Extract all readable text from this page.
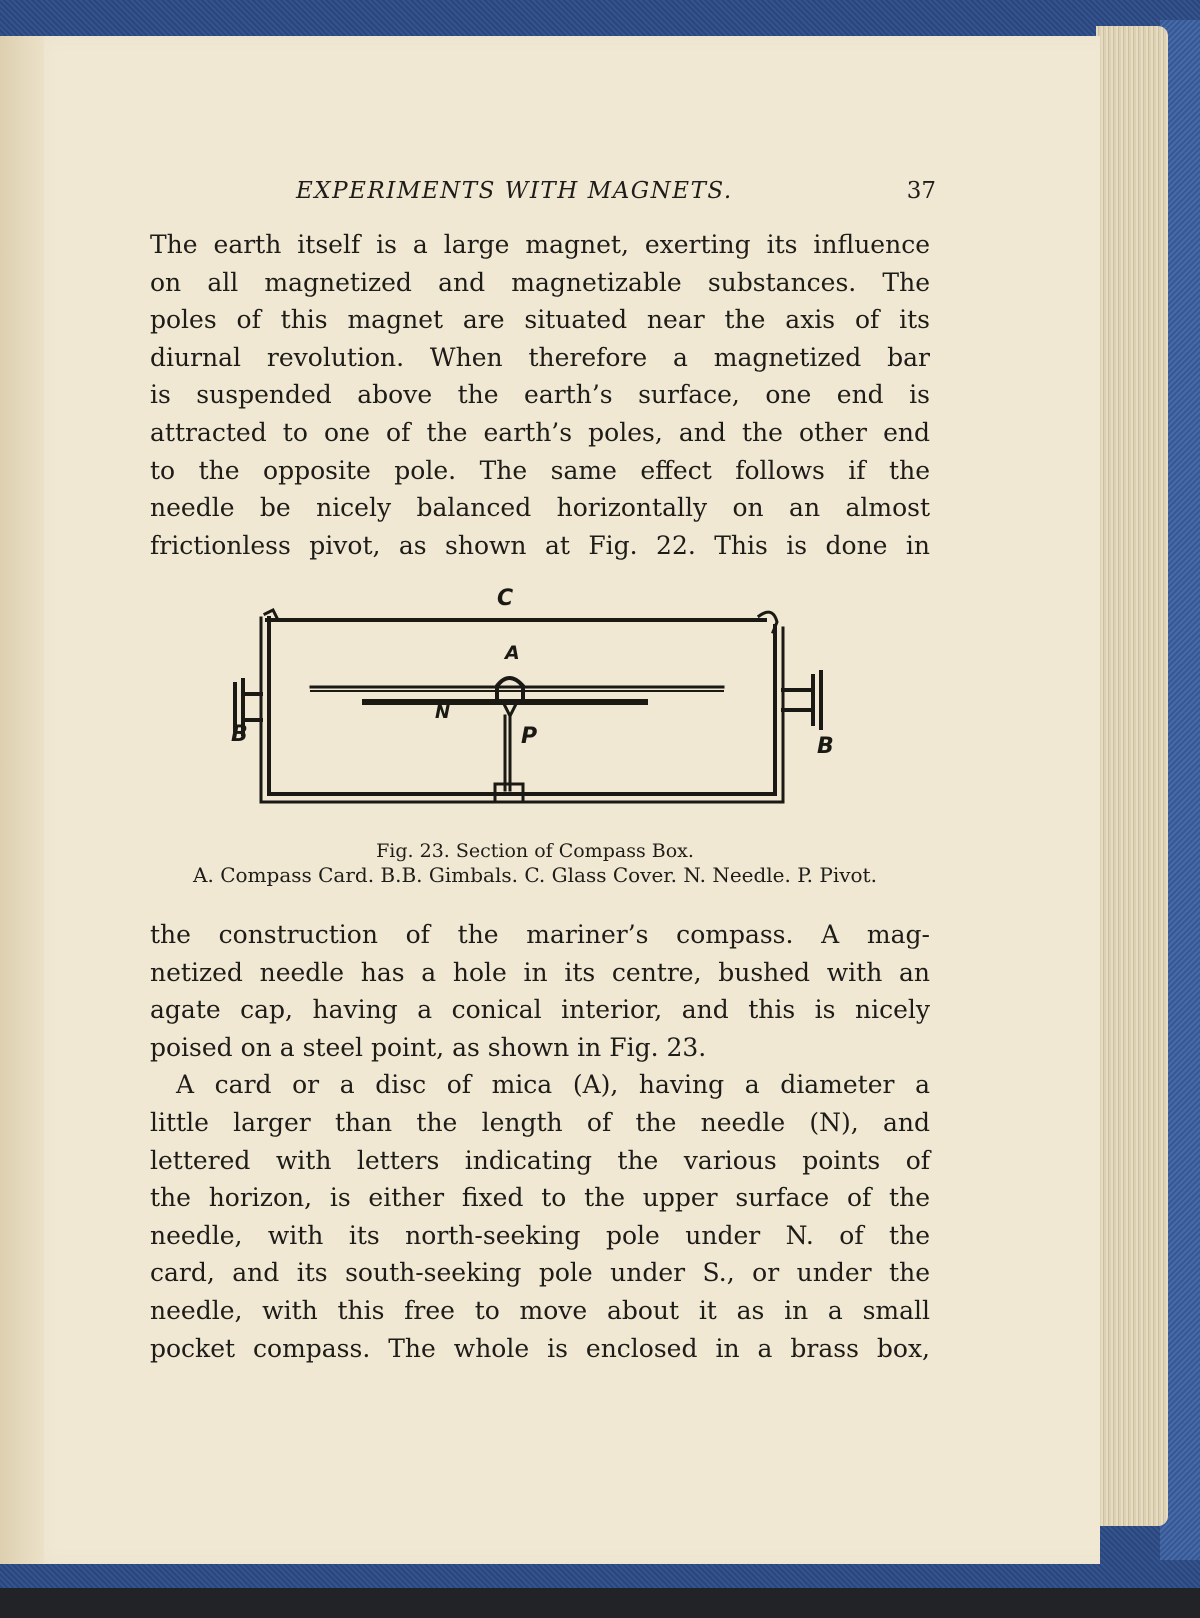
EXPERIMENTS WITH MAGNETS.	37
The earth itself is a large magnet, exerting its influence
on all magnetized and magnetizable substances. The
poles of this magnet are situated near the axis of its
diurnal revolution. When therefore a magnetized bar
is suspended above the earth’s surface, one end is
attracted to one of the earth’s poles, and the other end
to the opposite pole. The same effect follows if the
needle be nicely balanced horizontally on an almost
frictionless pivot, as shown at Fig. 22. This is done in
C
A
N
P
B	B
Fig. 23. Section of Compass Box.
A. Compass Card. B.B. Gimbals. C. Glass Cover. N. Needle. P. Pivot.
the construction of the mariner’s compass. A mag-
netized needle has a hole in its centre, bushed with an
agate cap, having a conical interior, and this is nicely
poised on a steel point, as shown in Fig. 23.
A card or a disc of mica (A), having a diameter a
little larger than the length of the needle (N), and
lettered with letters indicating the various points of
the horizon, is either fixed to the upper surface of the
needle, with its north-seeking pole under N. of the
card, and its south-seeking pole under S., or under the
needle, with this free to move about it as in a small
pocket compass. The whole is enclosed in a brass box,
